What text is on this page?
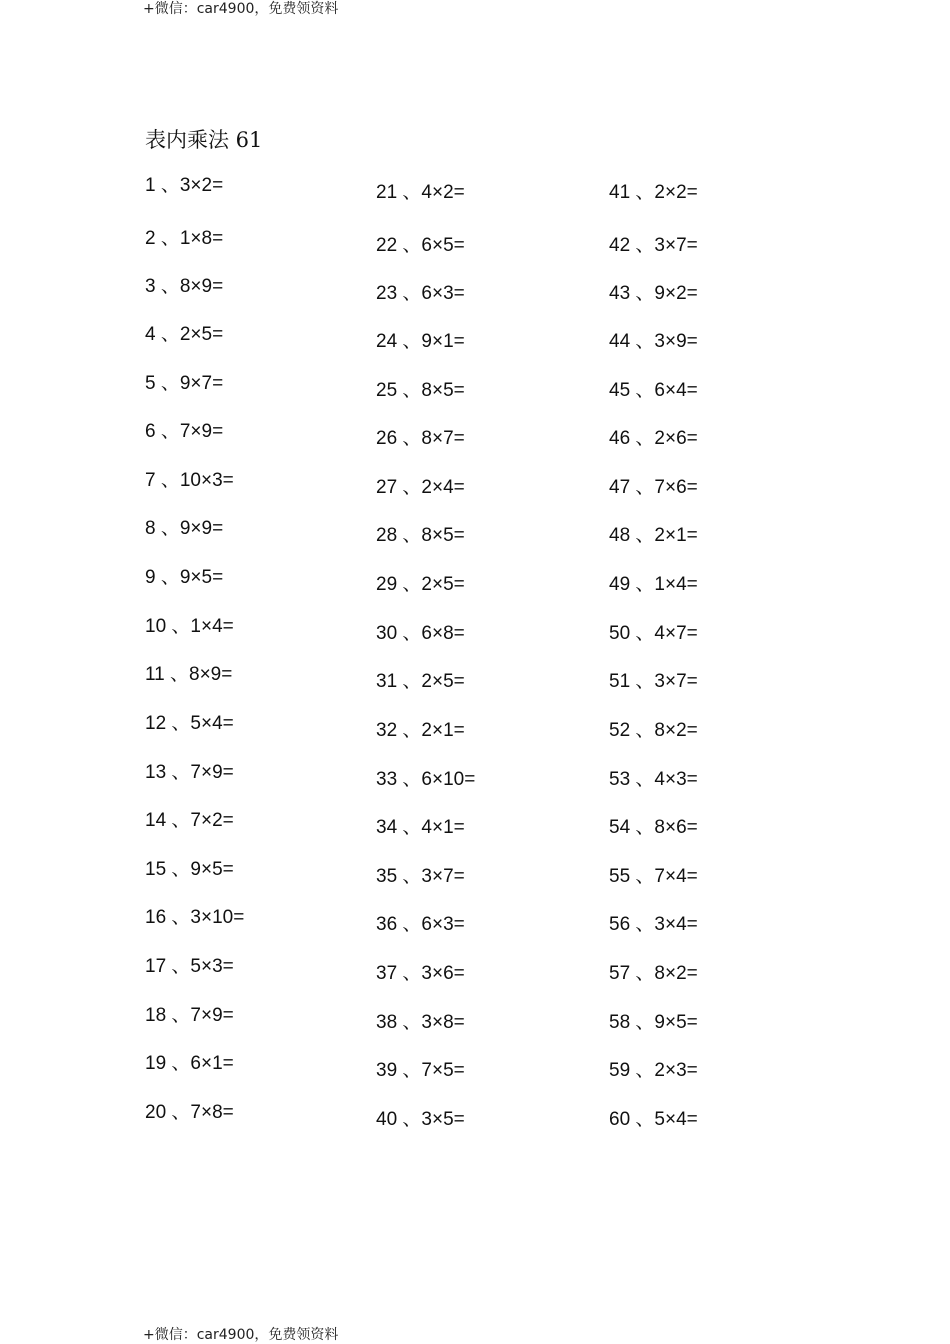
+微信：car4900，免费领资料
表内乘法 61
1 、3×2=
2 、1×8=
3 、8×9=
4 、2×5=
5 、9×7=
6 、7×9=
7 、10×3=
8 、9×9=
9 、9×5=
10 、1×4=
11 、8×9=
12 、5×4=
13 、7×9=
14 、7×2=
15 、9×5=
16 、3×10=
17 、5×3=
18 、7×9=
19 、6×1=
20 、7×8=
21 、4×2=
22 、6×5=
23 、6×3=
24 、9×1=
25 、8×5=
26 、8×7=
27 、2×4=
28 、8×5=
29 、2×5=
30 、6×8=
31 、2×5=
32 、2×1=
33 、6×10=
34 、4×1=
35 、3×7=
36 、6×3=
37 、3×6=
38 、3×8=
39 、7×5=
40 、3×5=
41 、2×2=
42 、3×7=
43 、9×2=
44 、3×9=
45 、6×4=
46 、2×6=
47 、7×6=
48 、2×1=
49 、1×4=
50 、4×7=
51 、3×7=
52 、8×2=
53 、4×3=
54 、8×6=
55 、7×4=
56 、3×4=
57 、8×2=
58 、9×5=
59 、2×3=
60 、5×4=
+微信：car4900，免费领资料
